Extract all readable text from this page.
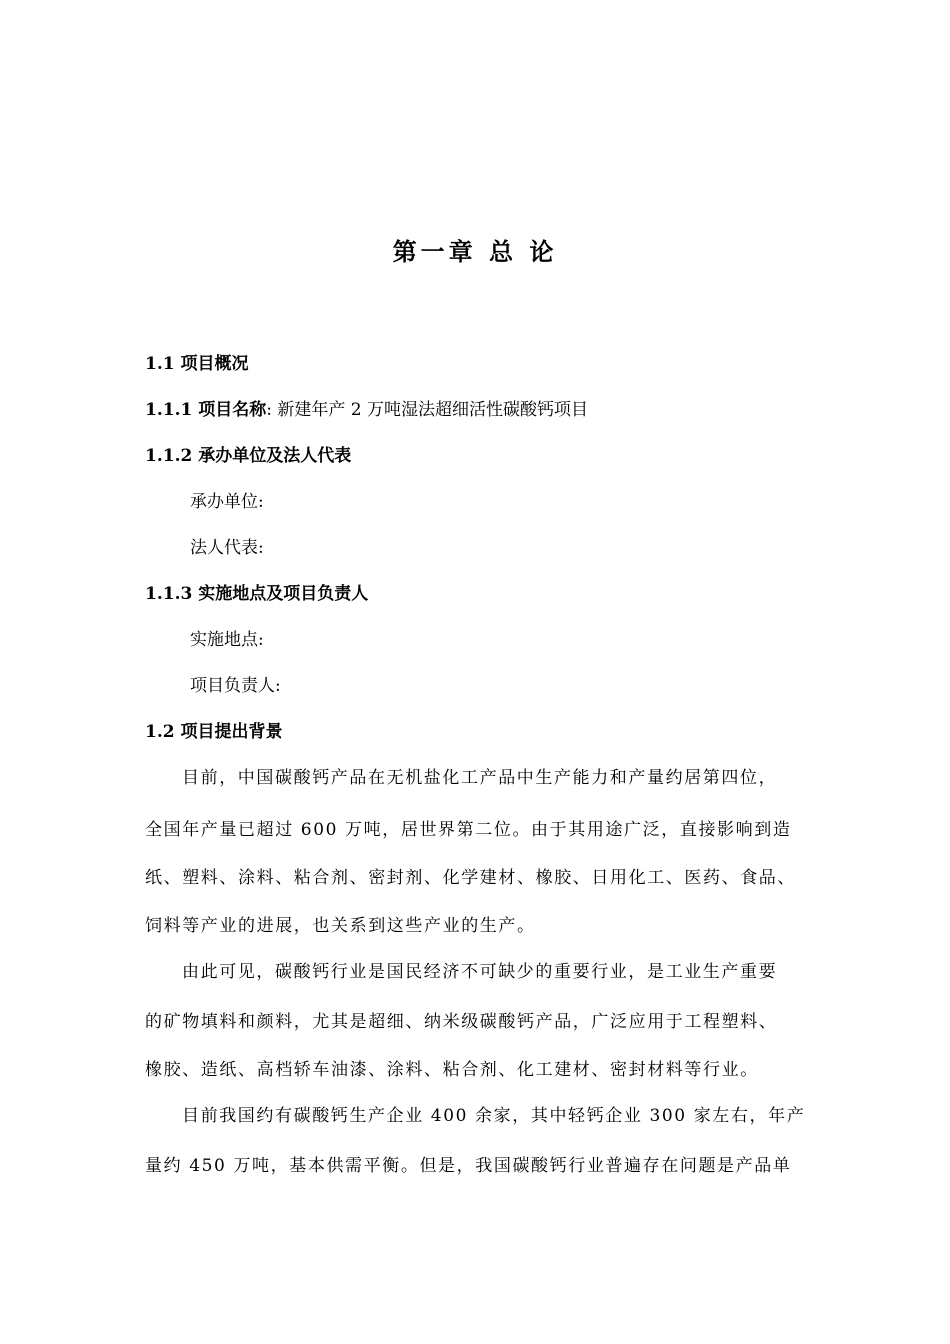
第一章 总 论
1.1 项目概况
1.1.1 项目名称: 新建年产 2 万吨湿法超细活性碳酸钙项目
1.1.2 承办单位及法人代表
承办单位:
法人代表:
1.1.3 实施地点及项目负责人
实施地点:
项目负责人:
1.2 项目提出背景
目前，中国碳酸钙产品在无机盐化工产品中生产能力和产量约居第四位，
全国年产量已超过 600 万吨，居世界第二位。由于其用途广泛，直接影响到造
纸、塑料、涂料、粘合剂、密封剂、化学建材、橡胶、日用化工、医药、食品、
饲料等产业的进展，也关系到这些产业的生产。
由此可见，碳酸钙行业是国民经济不可缺少的重要行业，是工业生产重要
的矿物填料和颜料，尤其是超细、纳米级碳酸钙产品，广泛应用于工程塑料、
橡胶、造纸、高档轿车油漆、涂料、粘合剂、化工建材、密封材料等行业。
目前我国约有碳酸钙生产企业 400 余家，其中轻钙企业 300 家左右，年产
量约 450 万吨，基本供需平衡。但是，我国碳酸钙行业普遍存在问题是产品单
